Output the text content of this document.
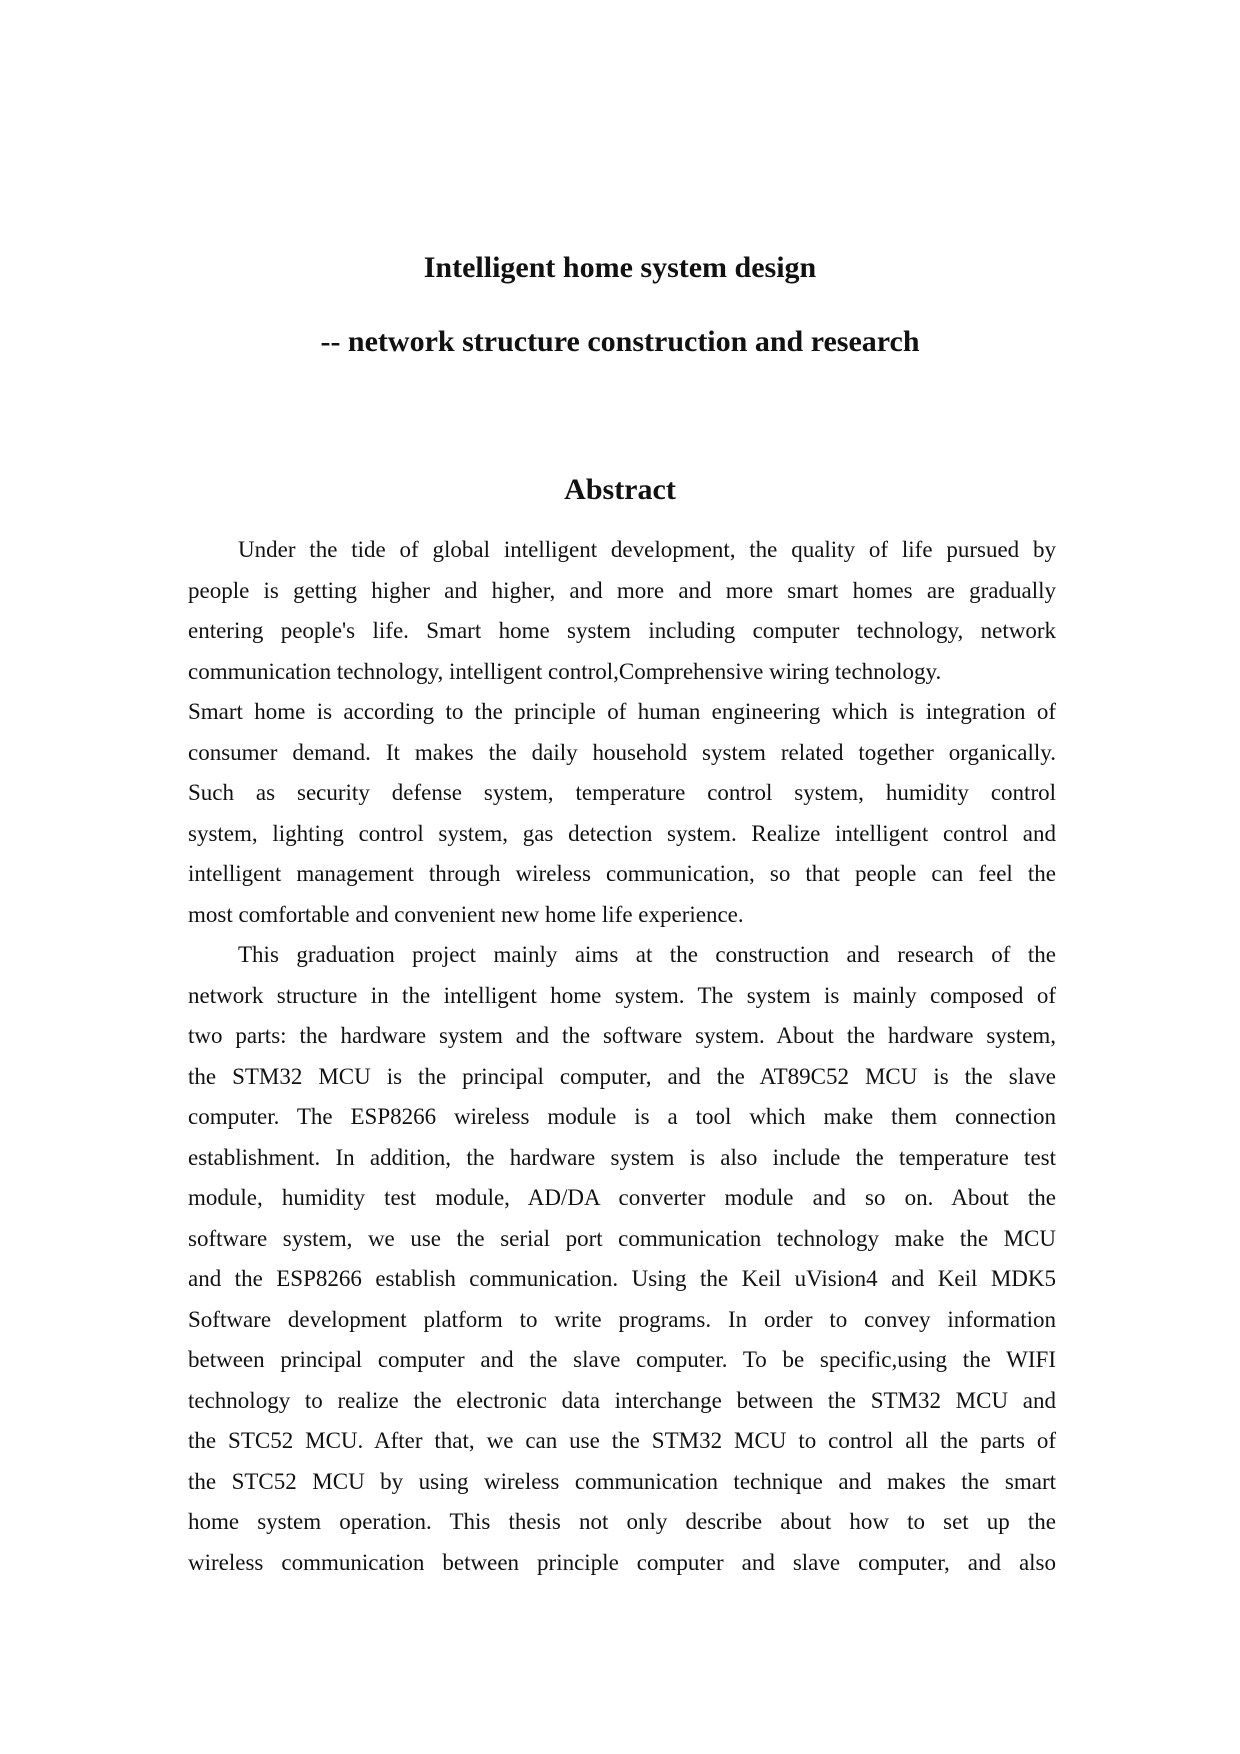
Intelligent home system design
-- network structure construction and research
Abstract
Under the tide of global intelligent development, the quality of life pursued by
people is getting higher and higher, and more and more smart homes are gradually
entering people's life. Smart home system including computer technology, network
communication technology, intelligent control,Comprehensive wiring technology.
Smart home is according to the principle of human engineering which is integration of
consumer demand. It makes the daily household system related together organically.
Such as security defense system, temperature control system, humidity control
system, lighting control system, gas detection system. Realize intelligent control and
intelligent management through wireless communication, so that people can feel the
most comfortable and convenient new home life experience.
This graduation project mainly aims at the construction and research of the
network structure in the intelligent home system. The system is mainly composed of
two parts: the hardware system and the software system. About the hardware system,
the STM32 MCU is the principal computer, and the AT89C52 MCU is the slave
computer. The ESP8266 wireless module is a tool which make them connection
establishment. In addition, the hardware system is also include the temperature test
module, humidity test module, AD/DA converter module and so on. About the
software system, we use the serial port communication technology make the MCU
and the ESP8266 establish communication. Using the Keil uVision4 and Keil MDK5
Software development platform to write programs. In order to convey information
between principal computer and the slave computer. To be specific,using the WIFI
technology to realize the electronic data interchange between the STM32 MCU and
the STC52 MCU. After that, we can use the STM32 MCU to control all the parts of
the STC52 MCU by using wireless communication technique and makes the smart
home system operation. This thesis not only describe about how to set up the
wireless communication between principle computer and slave computer, and also
